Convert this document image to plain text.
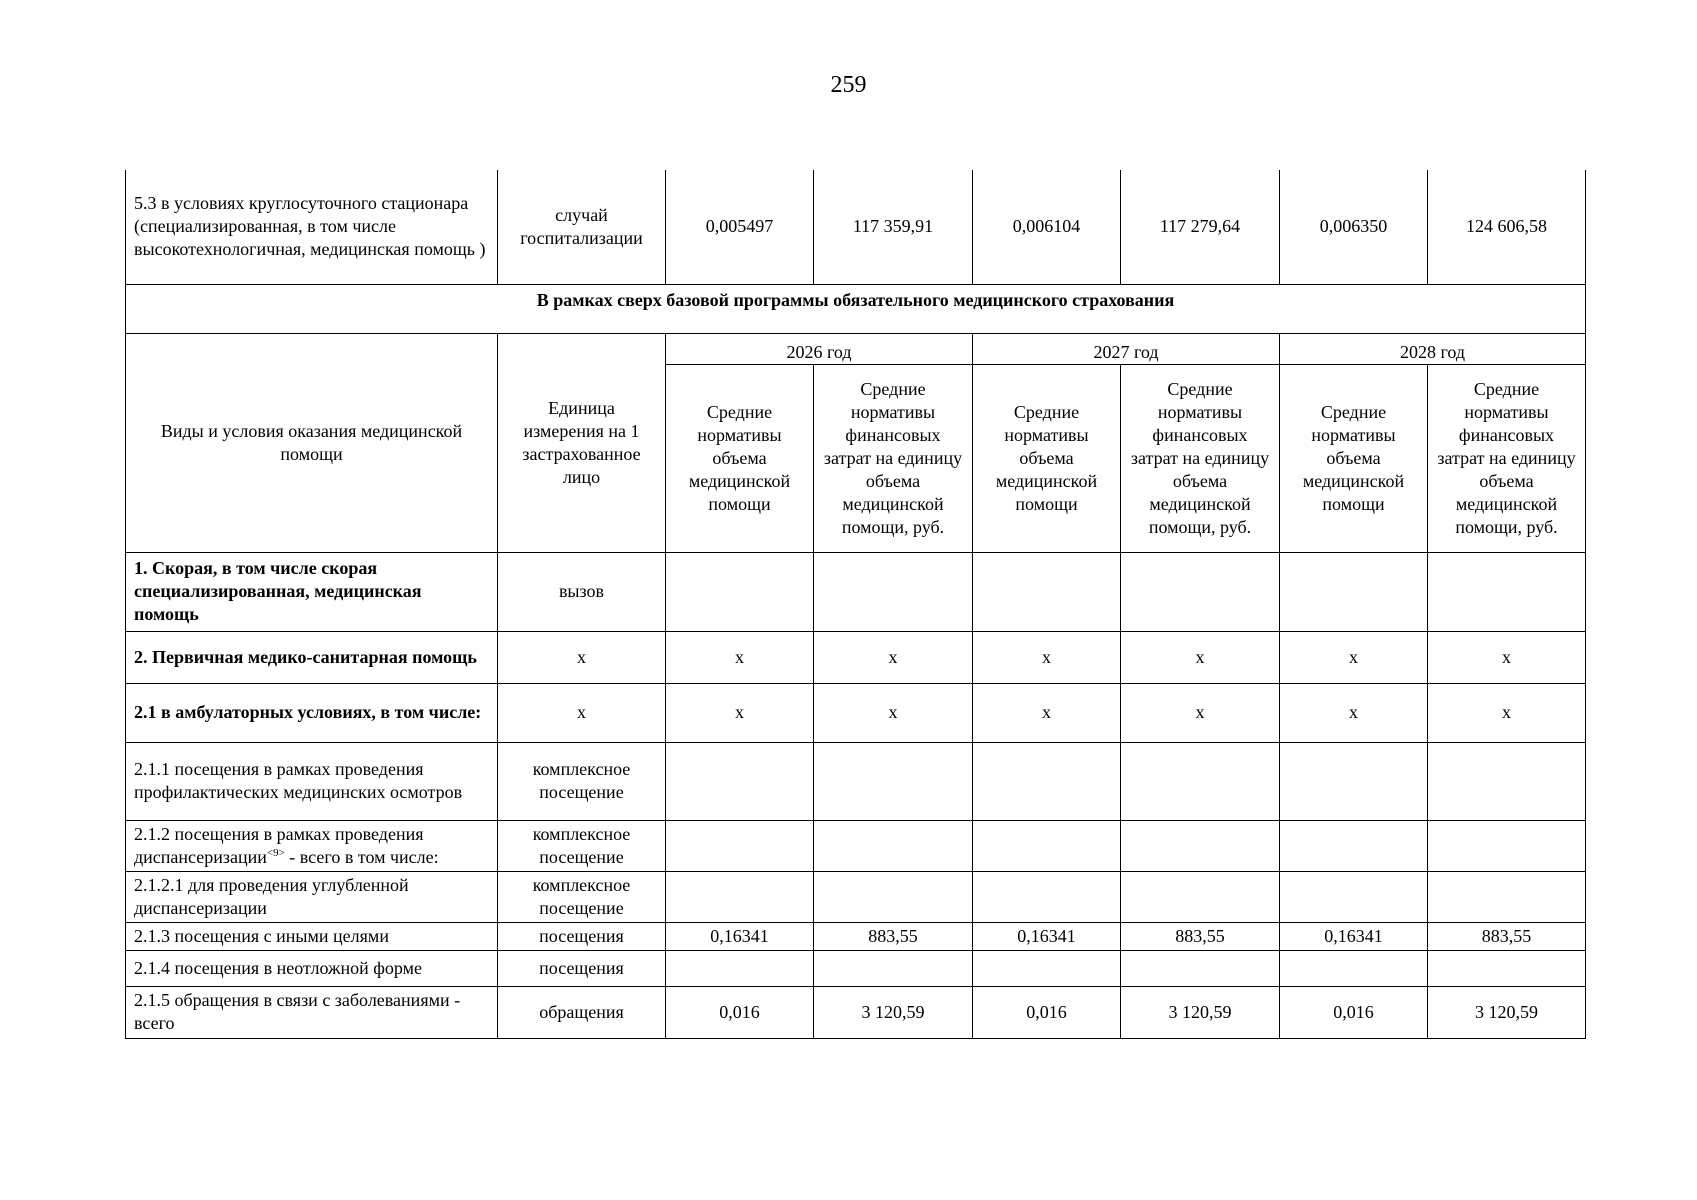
259
5.3 в условиях круглосуточного стационара (специализированная, в том числе высокотехнологичная, медицинская помощь )	случай госпитализации	0,005497	117 359,91	0,006104	117 279,64	0,006350	124 606,58
В рамках сверх базовой программы обязательного медицинского страхования							
Виды и условия оказания медицинской помощи	Единица измерения на 1 застрахованное лицо	2026 год		2027 год		2028 год	
		Средние нормативы объема медицинской помощи	Средние нормативы финансовых затрат на единицу объема медицинской помощи, руб.	Средние нормативы объема медицинской помощи	Средние нормативы финансовых затрат на единицу объема медицинской помощи, руб.	Средние нормативы объема медицинской помощи	Средние нормативы финансовых затрат на единицу объема медицинской помощи, руб.
1. Скорая, в том числе скорая специализированная, медицинская помощь	вызов						
2. Первичная медико-санитарная помощь	х	х	х	х	х	х	х
2.1 в амбулаторных условиях, в том числе:	х	х	х	х	х	х	х
2.1.1 посещения в рамках проведения профилактических медицинских осмотров	комплексное посещение						
2.1.2 посещения в рамках проведения диспансеризации$^{<9>}$ - всего в том числе:	комплексное посещение						
2.1.2.1 для проведения углубленной диспансеризации	комплексное посещение						
2.1.3 посещения с иными целями	посещения	0,16341	883,55	0,16341	883,55	0,16341	883,55
2.1.4 посещения в неотложной форме	посещения						
2.1.5 обращения в связи с заболеваниями - всего	обращения	0,016	3 120,59	0,016	3 120,59	0,016	3 120,59
